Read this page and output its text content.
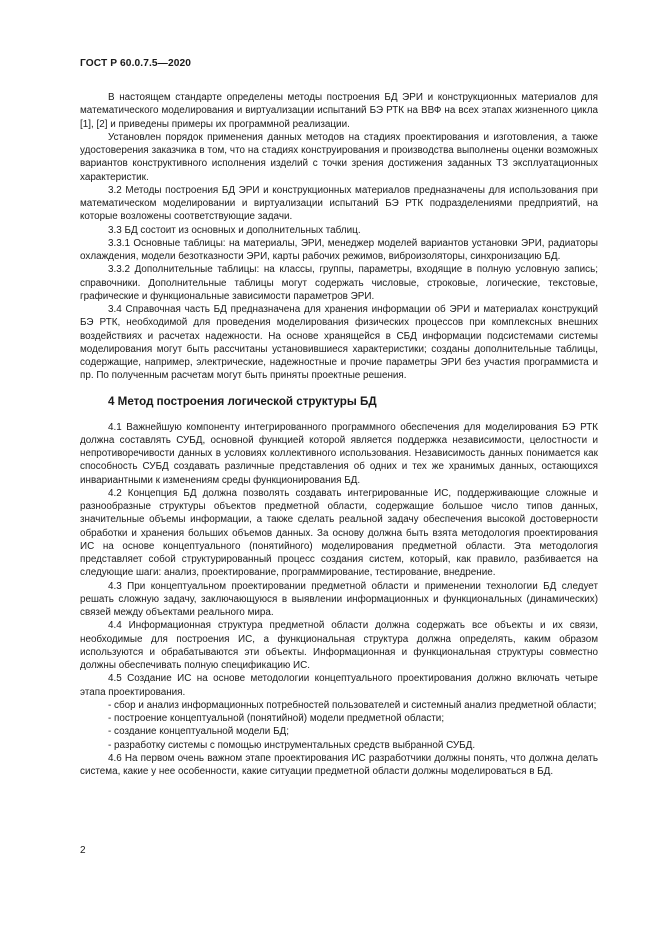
ГОСТ Р 60.0.7.5—2020

В настоящем стандарте определены методы построения БД ЭРИ и конструкционных материалов для математического моделирования и виртуализации испытаний БЭ РТК на ВВФ на всех этапах жизненного цикла [1], [2] и приведены примеры их программной реализации.

Установлен порядок применения данных методов на стадиях проектирования и изготовления, а также удостоверения заказчика в том, что на стадиях конструирования и производства выполнены оценки возможных вариантов конструктивного исполнения изделий с точки зрения достижения заданных ТЗ эксплуатационных характеристик.

3.2 Методы построения БД ЭРИ и конструкционных материалов предназначены для использования при математическом моделировании и виртуализации испытаний БЭ РТК подразделениями предприятий, на которые возложены соответствующие задачи.

3.3 БД состоит из основных и дополнительных таблиц.

3.3.1 Основные таблицы: на материалы, ЭРИ, менеджер моделей вариантов установки ЭРИ, радиаторы охлаждения, модели безотказности ЭРИ, карты рабочих режимов, виброизоляторы, синхронизацию БД.

3.3.2 Дополнительные таблицы: на классы, группы, параметры, входящие в полную условную запись; справочники. Дополнительные таблицы могут содержать числовые, строковые, логические, текстовые, графические и функциональные зависимости параметров ЭРИ.

3.4 Справочная часть БД предназначена для хранения информации об ЭРИ и материалах конструкций БЭ РТК, необходимой для проведения моделирования физических процессов при комплексных внешних воздействиях и расчетах надежности. На основе хранящейся в СБД информации подсистемами системы моделирования могут быть рассчитаны установившиеся характеристики; созданы дополнительные таблицы, содержащие, например, электрические, надежностные и прочие параметры ЭРИ без участия программиста и пр. По полученным расчетам могут быть приняты проектные решения.

4 Метод построения логической структуры БД

4.1 Важнейшую компоненту интегрированного программного обеспечения для моделирования БЭ РТК должна составлять СУБД, основной функцией которой является поддержка независимости, целостности и непротиворечивости данных в условиях коллективного использования. Независимость данных понимается как способность СУБД создавать различные представления об одних и тех же хранимых данных, остающихся инвариантными к изменениям среды функционирования БД.

4.2 Концепция БД должна позволять создавать интегрированные ИС, поддерживающие сложные и разнообразные структуры объектов предметной области, содержащие большое число типов данных, значительные объемы информации, а также сделать реальной задачу обеспечения высокой достоверности обработки и хранения больших объемов данных. За основу должна быть взята методология проектирования ИС на основе концептуального (понятийного) моделирования предметной области. Эта методология представляет собой структурированный процесс создания систем, который, как правило, разбивается на следующие шаги: анализ, проектирование, программирование, тестирование, внедрение.

4.3 При концептуальном проектировании предметной области и применении технологии БД следует решать сложную задачу, заключающуюся в выявлении информационных и функциональных (динамических) связей между объектами реального мира.

4.4 Информационная структура предметной области должна содержать все объекты и их связи, необходимые для построения ИС, а функциональная структура должна определять, каким образом используются и обрабатываются эти объекты. Информационная и функциональная структуры совместно должны обеспечивать полную спецификацию ИС.

4.5 Создание ИС на основе методологии концептуального проектирования должно включать четыре этапа проектирования.

- сбор и анализ информационных потребностей пользователей и системный анализ предметной области;

- построение концептуальной (понятийной) модели предметной области;

- создание концептуальной модели БД;

- разработку системы с помощью инструментальных средств выбранной СУБД.

4.6 На первом очень важном этапе проектирования ИС разработчики должны понять, что должна делать система, какие у нее особенности, какие ситуации предметной области должны моделироваться в БД.

2
